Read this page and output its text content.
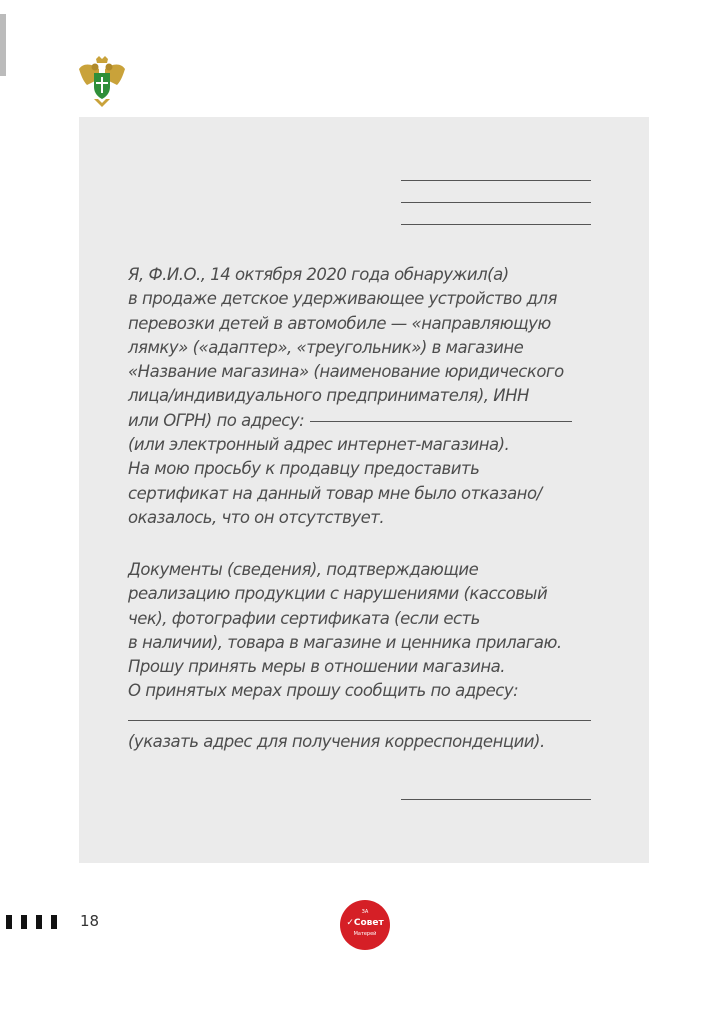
Я, Ф.И.О., 14 октября 2020 года обнаружил(а)
в продаже детское удерживающее устройство для
перевозки детей в автомобиле — «направляющую
лямку» («адаптер», «треугольник») в магазине
«Название магазина» (наименование юридического
лица/индивидуального предпринимателя), ИНН
или ОГРН) по адресу:
(или электронный адрес интернет-магазина).
На мою просьбу к продавцу предоставить
сертификат на данный товар мне было отказано/
оказалось, что он отсутствует.
Документы (сведения), подтверждающие
реализацию продукции с нарушениями (кассовый
чек), фотографии сертификата (если есть
в наличии), товара в магазине и ценника прилагаю.
Прошу принять меры в отношении магазина.
О принятых мерах прошу сообщить по адресу:
(указать адрес для получения корреспонденции).
18	ЗА
✓Совет
Матерей
